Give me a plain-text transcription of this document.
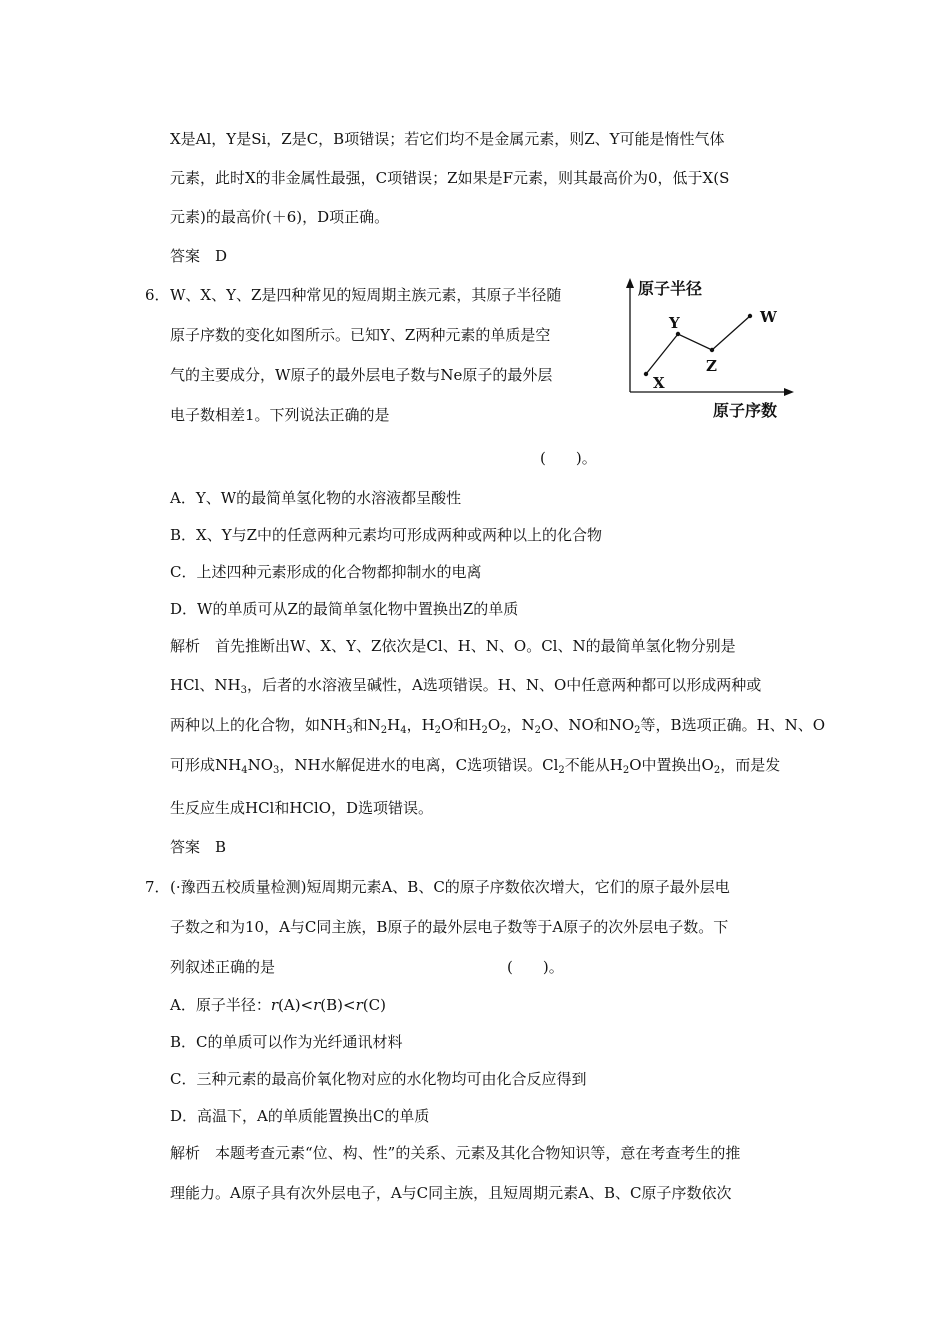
X是Al，Y是Si，Z是C，B项错误；若它们均不是金属元素，则Z、Y可能是惰性气体
元素，此时X的非金属性最强，C项错误；Z如果是F元素，则其最高价为0，低于X(S
元素)的最高价(＋6)，D项正确。
答案　D
6． W、X、Y、Z是四种常见的短周期主族元素，其原子半径随
原子序数的变化如图所示。已知Y、Z两种元素的单质是空
气的主要成分，W原子的最外层电子数与Ne原子的最外层
电子数相差1。下列说法正确的是
(　　)。
原子半径
原子序数
X
Y
Z
W
A．Y、W的最简单氢化物的水溶液都呈酸性
B．X、Y与Z中的任意两种元素均可形成两种或两种以上的化合物
C．上述四种元素形成的化合物都抑制水的电离
D．W的单质可从Z的最简单氢化物中置换出Z的单质
解析　首先推断出W、X、Y、Z依次是Cl、H、N、O。Cl、N的最简单氢化物分别是
HCl、$NH_3$，后者的水溶液呈碱性，A选项错误。H、N、O中任意两种都可以形成两种或
两种以上的化合物，如$NH_3$和$N_2H_4$，$H_2O$和$H_2O_2$，$N_2O$、NO和$NO_2$等，B选项正确。H、N、O
可形成$NH_4NO_3$，NH水解促进水的电离，C选项错误。$Cl_2$不能从$H_2O$中置换出$O_2$，而是发
生反应生成HCl和HClO，D选项错误。
答案　B
7． (·豫西五校质量检测)短周期元素A、B、C的原子序数依次增大，它们的原子最外层电
子数之和为10，A与C同主族，B原子的最外层电子数等于A原子的次外层电子数。下
列叙述正确的是	(　　)。
A．原子半径：r(A)<r(B)<r(C)
B．C的单质可以作为光纤通讯材料
C．三种元素的最高价氧化物对应的水化物均可由化合反应得到
D．高温下，A的单质能置换出C的单质
解析　本题考查元素“位、构、性”的关系、元素及其化合物知识等，意在考查考生的推
理能力。A原子具有次外层电子，A与C同主族，且短周期元素A、B、C原子序数依次
